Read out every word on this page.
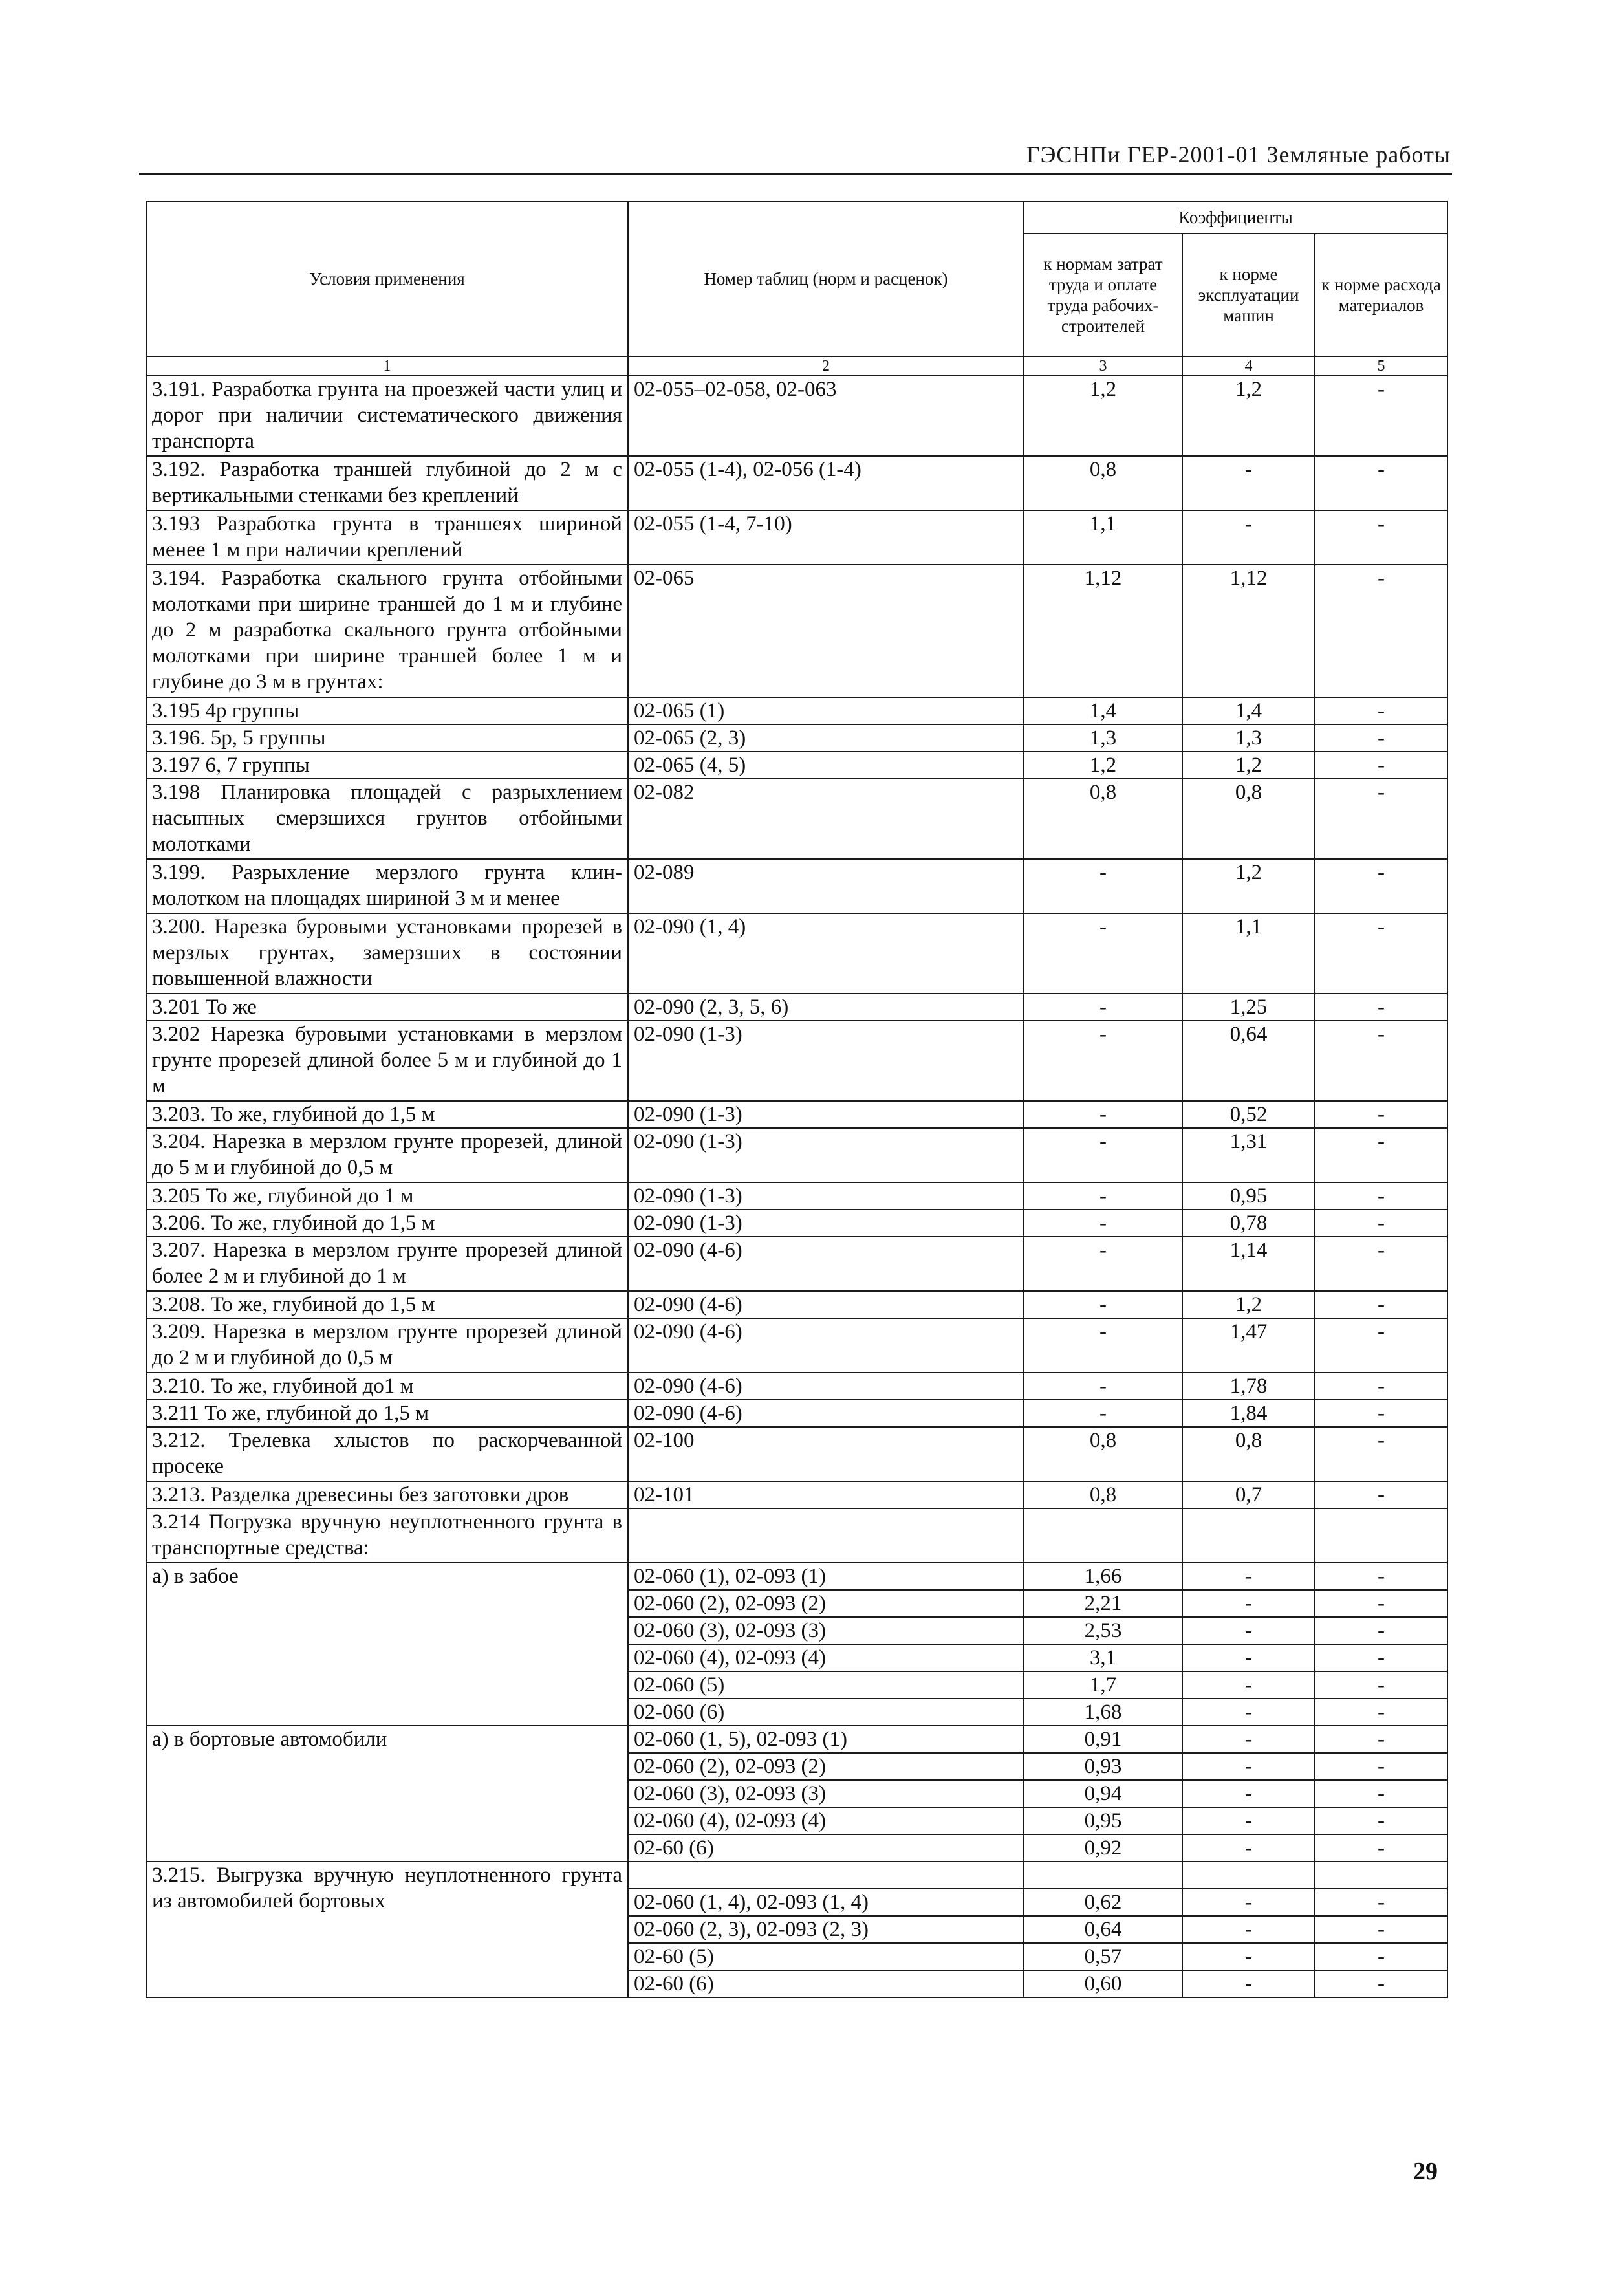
ГЭСНПи ГЕР-2001-01 Земляные работы
Условия применения	Номер таблиц (норм и расценок)	Коэффициенты		
		к нормам затрат труда и оплате труда рабочих-строителей	к норме эксплуатации машин	к норме расхода материалов
1	2	3	4	5
3.191. Разработка грунта на проезжей части улиц и дорог при наличии систематического движения транспорта	02-055–02-058, 02-063	1,2	1,2	-
3.192. Разработка траншей глубиной до 2 м с вертикальными стенками без креплений	02-055 (1-4), 02-056 (1-4)	0,8	-	-
3.193 Разработка грунта в траншеях шириной менее 1 м при наличии креплений	02-055 (1-4, 7-10)	1,1	-	-
3.194. Разработка скального грунта отбойными молотками при ширине траншей до 1 м и глубине до 2 м разработка скального грунта отбойными молотками при ширине траншей более 1 м и глубине до 3 м в грунтах:	02-065	1,12	1,12	-
3.195 4р группы	02-065 (1)	1,4	1,4	-
3.196. 5р, 5 группы	02-065 (2, 3)	1,3	1,3	-
3.197 6, 7 группы	02-065 (4, 5)	1,2	1,2	-
3.198 Планировка площадей с разрыхлением насыпных смерзшихся грунтов отбойными молотками	02-082	0,8	0,8	-
3.199. Разрыхление мерзлого грунта клин-молотком на площадях шириной 3 м и менее	02-089	-	1,2	-
3.200. Нарезка буровыми установками прорезей в мерзлых грунтах, замерзших в состоянии повышенной влажности	02-090 (1, 4)	-	1,1	-
3.201 То же	02-090 (2, 3, 5, 6)	-	1,25	-
3.202 Нарезка буровыми установками в мерзлом грунте прорезей длиной более 5 м и глубиной до 1 м	02-090 (1-3)	-	0,64	-
3.203. То же, глубиной до 1,5 м	02-090 (1-3)	-	0,52	-
3.204. Нарезка в мерзлом грунте прорезей, длиной до 5 м и глубиной до 0,5 м	02-090 (1-3)	-	1,31	-
3.205 То же, глубиной до 1 м	02-090 (1-3)	-	0,95	-
3.206. То же, глубиной до 1,5 м	02-090 (1-3)	-	0,78	-
3.207. Нарезка в мерзлом грунте прорезей длиной более 2 м и глубиной до 1 м	02-090 (4-6)	-	1,14	-
3.208. То же, глубиной до 1,5 м	02-090 (4-6)	-	1,2	-
3.209. Нарезка в мерзлом грунте прорезей длиной до 2 м и глубиной до 0,5 м	02-090 (4-6)	-	1,47	-
3.210. То же, глубиной до1 м	02-090 (4-6)	-	1,78	-
3.211 То же, глубиной до 1,5 м	02-090 (4-6)	-	1,84	-
3.212. Трелевка хлыстов по раскорчеванной просеке	02-100	0,8	0,8	-
3.213. Разделка древесины без заготовки дров	02-101	0,8	0,7	-
3.214 Погрузка вручную неуплотненного грунта в транспортные средства:				
а) в забое	02-060 (1), 02-093 (1)	1,66	-	-
	02-060 (2), 02-093 (2)	2,21	-	-
	02-060 (3), 02-093 (3)	2,53	-	-
	02-060 (4), 02-093 (4)	3,1	-	-
	02-060 (5)	1,7	-	-
	02-060 (6)	1,68	-	-
а) в бортовые автомобили	02-060 (1, 5), 02-093 (1)	0,91	-	-
	02-060 (2), 02-093 (2)	0,93	-	-
	02-060 (3), 02-093 (3)	0,94	-	-
	02-060 (4), 02-093 (4)	0,95	-	-
	02-60 (6)	0,92	-	-
3.215. Выгрузка вручную неуплотненного грунта из автомобилей бортовых				
	02-060 (1, 4), 02-093 (1, 4)	0,62	-	-
	02-060 (2, 3), 02-093 (2, 3)	0,64	-	-
	02-60 (5)	0,57	-	-
	02-60 (6)	0,60	-	-
29
